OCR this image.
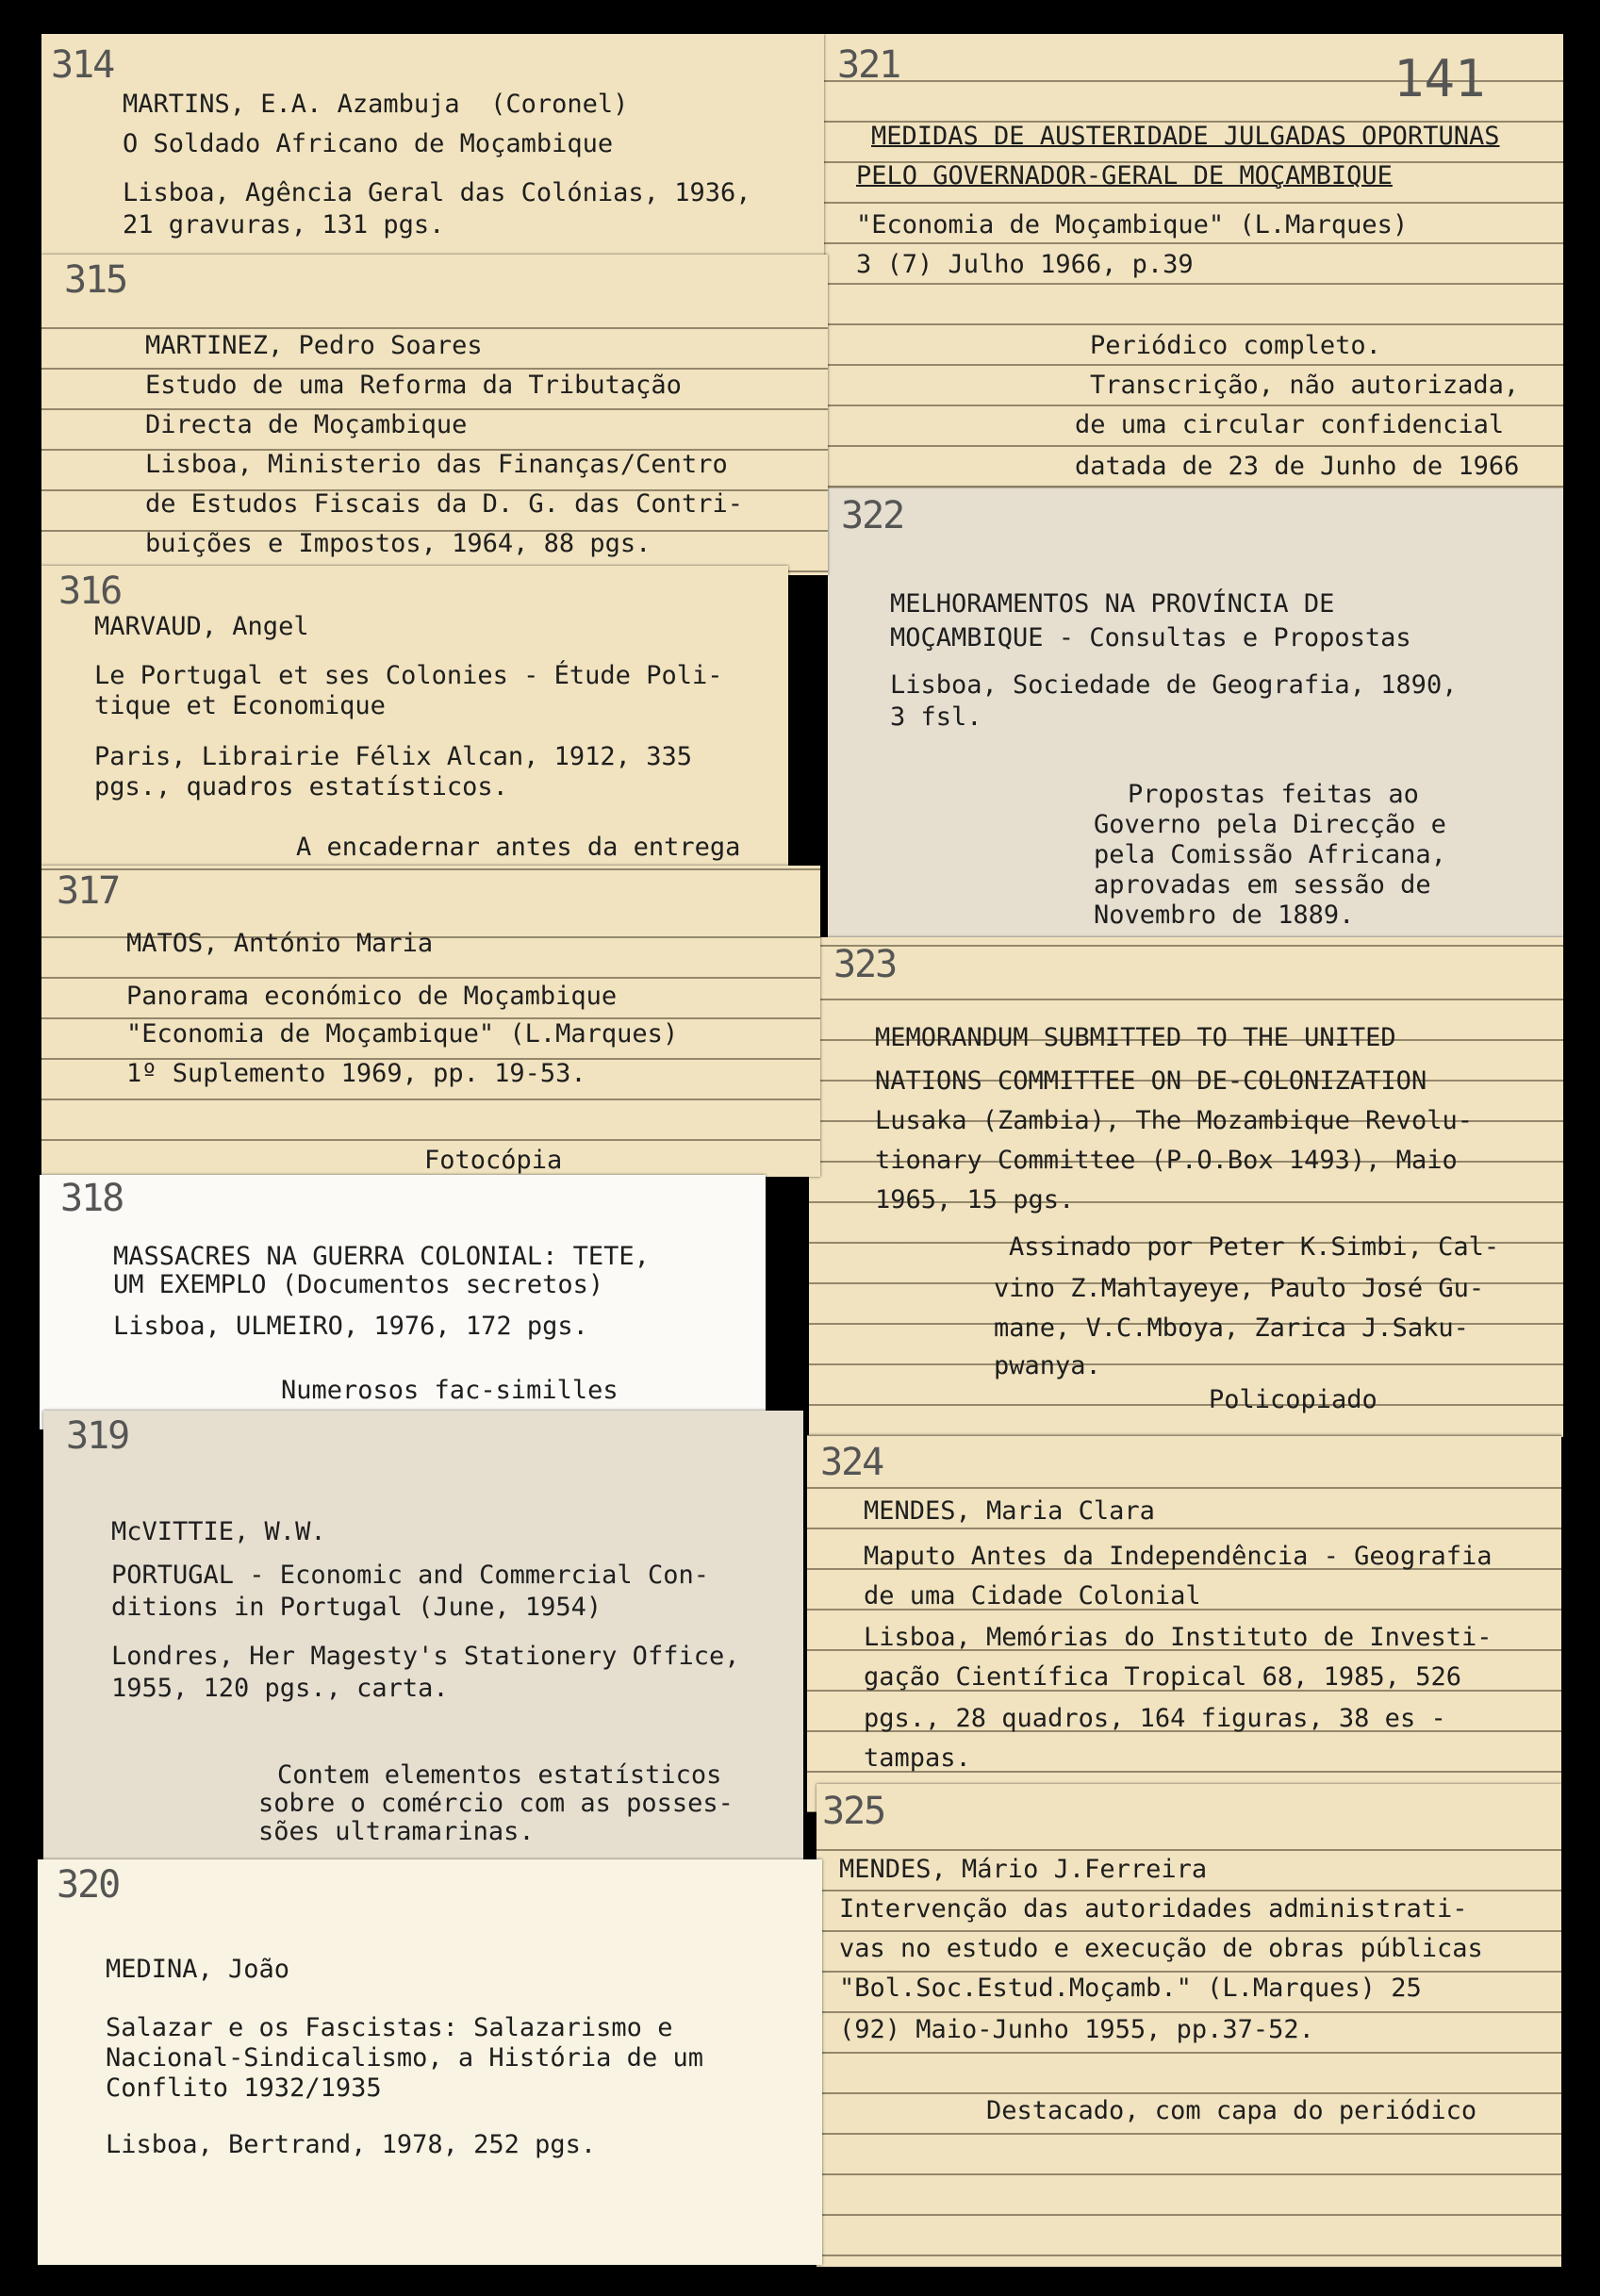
321

MEDIDAS DE AUSTERIDADE JULGADAS OPORTUNAS

PELO GOVERNADOR-GERAL DE MOÇAMBIQUE

"Economia de Moçambique" (L.Marques)

3 (7) Julho 1966, p.39

Periódico completo.

Transcrição, não autorizada,

de uma circular confidencial

datada de 23 de Junho de 1966

322

MELHORAMENTOS NA PROVÍNCIA DE

MOÇAMBIQUE - Consultas e Propostas

Lisboa, Sociedade de Geografia, 1890,

3 fsl.

Propostas feitas ao

Governo pela Direcção e

pela Comissão Africana,

aprovadas em sessão de

Novembro de 1889.

323

MEMORANDUM SUBMITTED TO THE UNITED

NATIONS COMMITTEE ON DE-COLONIZATION

Lusaka (Zambia), The Mozambique Revolu-

tionary Committee (P.O.Box 1493), Maio

1965, 15 pgs.

Assinado por Peter K.Simbi, Cal-

vino Z.Mahlayeye, Paulo José Gu-

mane, V.C.Mboya, Zarica J.Saku-

pwanya.

Policopiado

324

MENDES, Maria Clara

Maputo Antes da Independência - Geografia

de uma Cidade Colonial

Lisboa, Memórias do Instituto de Investi-

gação Científica Tropical 68, 1985, 526

pgs., 28 quadros, 164 figuras, 38 es -

tampas.

325

MENDES, Mário J.Ferreira

Intervenção das autoridades administrati-

vas no estudo e execução de obras públicas

"Bol.Soc.Estud.Moçamb." (L.Marques) 25

(92) Maio-Junho 1955, pp.37-52.

Destacado, com capa do periódico

314

MARTINS, E.A. Azambuja  (Coronel)

O Soldado Africano de Moçambique

Lisboa, Agência Geral das Colónias, 1936,

21 gravuras, 131 pgs.

315

MARTINEZ, Pedro Soares

Estudo de uma Reforma da Tributação

Directa de Moçambique

Lisboa, Ministerio das Finanças/Centro

de Estudos Fiscais da D. G. das Contri-

buições e Impostos, 1964, 88 pgs.

316

MARVAUD, Angel

Le Portugal et ses Colonies - Étude Poli-

tique et Economique

Paris, Librairie Félix Alcan, 1912, 335

pgs., quadros estatísticos.

A encadernar antes da entrega

317

MATOS, António Maria

Panorama económico de Moçambique

"Economia de Moçambique" (L.Marques)

1º Suplemento 1969, pp. 19-53.

Fotocópia

318

MASSACRES NA GUERRA COLONIAL: TETE,

UM EXEMPLO (Documentos secretos)

Lisboa, ULMEIRO, 1976, 172 pgs.

Numerosos fac-similles

319

McVITTIE, W.W.

PORTUGAL - Economic and Commercial Con-

ditions in Portugal (June, 1954)

Londres, Her Magesty's Stationery Office,

1955, 120 pgs., carta.

Contem elementos estatísticos

sobre o comércio com as posses-

sões ultramarinas.

320

MEDINA, João

Salazar e os Fascistas: Salazarismo e

Nacional-Sindicalismo, a História de um

Conflito 1932/1935

Lisboa, Bertrand, 1978, 252 pgs.

141
